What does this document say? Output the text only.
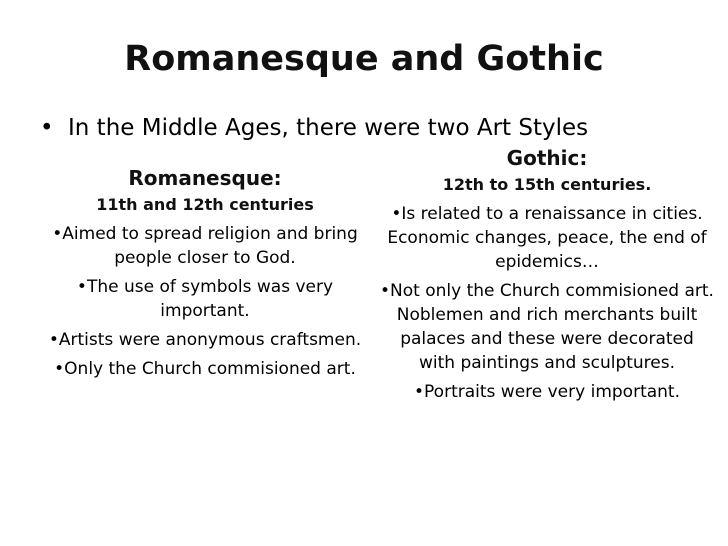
Romanesque and Gothic
• In the Middle Ages, there were two Art Styles
Romanesque:
11th and 12th centuries
•Aimed to spread religion and bring people closer to God.
•The use of symbols was very important.
•Artists were anonymous craftsmen.
•Only the Church commisioned art.
Gothic:
12th to 15th centuries.
•Is related to a renaissance in cities. Economic changes, peace, the end of epidemics…
•Not only the Church commisioned art. Noblemen and rich merchants built palaces and these were decorated with paintings and sculptures.
•Portraits were very important.
